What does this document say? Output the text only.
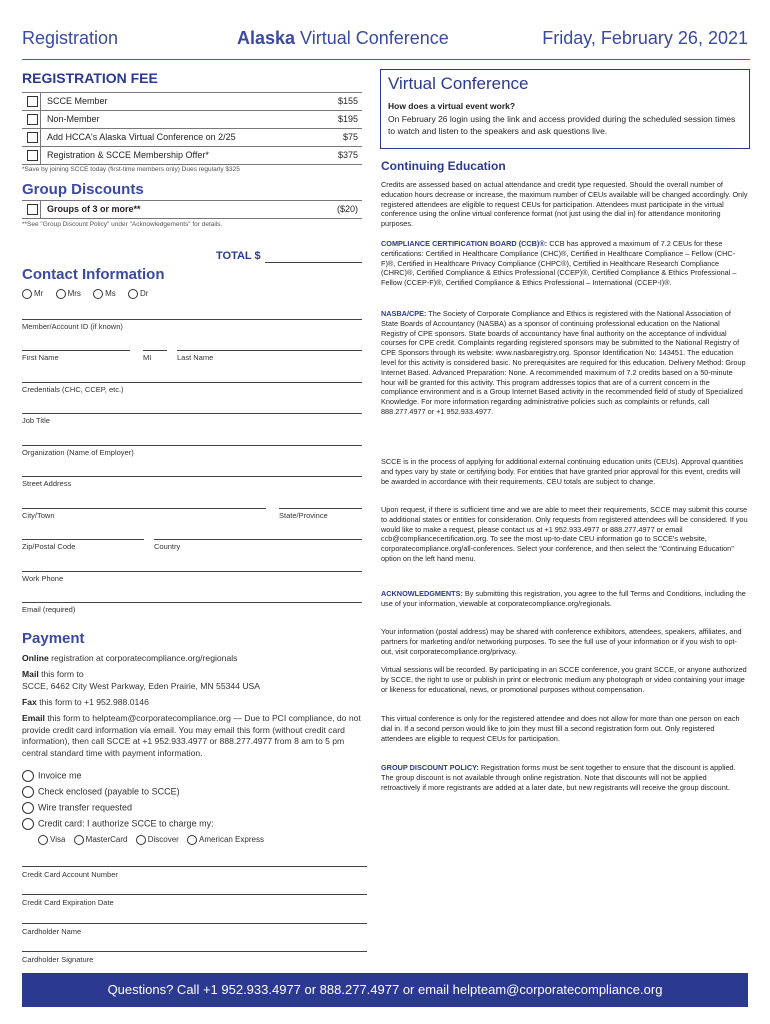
Registration	Alaska Virtual Conference	Friday, February 26, 2021
REGISTRATION FEE
SCCE Member	$155
Non-Member	$195
Add HCCA's Alaska Virtual Conference on 2/25	$75
Registration & SCCE Membership Offer*	$375
*Save by joining SCCE today (first-time members only) Dues regularly $325
Group Discounts
Groups of 3 or more**	($20)
**See "Group Discount Policy" under "Acknowledgements" for details.
TOTAL $
Contact Information
Mr	Mrs	Ms	Dr
Member/Account ID (if known)
First Name	MI	Last Name
Credentials (CHC, CCEP, etc.)
Job Title
Organization (Name of Employer)
Street Address
City/Town	State/Province
Zip/Postal Code	Country
Work Phone
Email (required)
Payment
Online registration at corporatecompliance.org/regionals
Mail this form to
SCCE, 6462 City West Parkway, Eden Prairie, MN 55344 USA
Fax this form to +1 952.988.0146
Email this form to helpteam@corporatecompliance.org — Due to PCI compliance, do not provide credit card information via email. You may email this form (without credit card information), then call SCCE at +1 952.933.4977 or 888.277.4977 from 8 am to 5 pm central standard time with payment information.
Invoice me
Check enclosed (payable to SCCE)
Wire transfer requested
Credit card: I authorize SCCE to charge my:
Visa	MasterCard	Discover	American Express
Credit Card Account Number
Credit Card Expiration Date
Cardholder Name
Cardholder Signature
Virtual Conference
How does a virtual event work?
On February 26 login using the link and access provided during the scheduled session times to watch and listen to the speakers and ask questions live.
Continuing Education
Credits are assessed based on actual attendance and credit type requested. Should the overall number of education hours decrease or increase, the maximum number of CEUs available will be changed accordingly. Only registered attendees are eligible to request CEUs for participation. Attendees must participate in the virtual conference using the online virtual conference format (not just using the dial in) for attendance monitoring purposes.
COMPLIANCE CERTIFICATION BOARD (CCB)®: CCB has approved a maximum of 7.2 CEUs for these certifications: Certified in Healthcare Compliance (CHC)®, Certified in Healthcare Compliance – Fellow (CHC-F)®, Certified in Healthcare Privacy Compliance (CHPC®), Certified in Healthcare Research Compliance (CHRC)®, Certified Compliance & Ethics Professional (CCEP)®, Certified Compliance & Ethics Professional – Fellow (CCEP-F)®, Certified Compliance & Ethics Professional – International (CCEP-I)®.
NASBA/CPE: The Society of Corporate Compliance and Ethics is registered with the National Association of State Boards of Accountancy (NASBA) as a sponsor of continuing professional education on the National Registry of CPE sponsors. State boards of accountancy have final authority on the acceptance of individual courses for CPE credit. Complaints regarding registered sponsors may be submitted to the National Registry of CPE Sponsors through its website: www.nasbaregistry.org. Sponsor Identification No: 143451. The education level for this activity is considered basic. No prerequisites are required for this education. Delivery Method: Group Internet Based. Advanced Preparation: None. A recommended maximum of 7.2 credits based on a 50-minute hour will be granted for this activity. This program addresses topics that are of a current concern in the compliance environment and is a Group Internet Based activity in the recommended field of study of Specialized Knowledge. For more information regarding administrative policies such as complaints or refunds, call 888.277.4977 or +1 952.933.4977.
SCCE is in the process of applying for additional external continuing education units (CEUs). Approval quantities and types vary by state or certifying body. For entities that have granted prior approval for this event, credits will be awarded in accordance with their requirements. CEU totals are subject to change.
Upon request, if there is sufficient time and we are able to meet their requirements, SCCE may submit this course to additional states or entities for consideration. Only requests from registered attendees will be considered. If you would like to make a request, please contact us at +1 952.933.4977 or 888.277.4977 or email ccb@compliancecertification.org. To see the most up-to-date CEU information go to SCCE's website, corporatecompliance.org/all-conferences. Select your conference, and then select the "Continuing Education" option on the left hand menu.
ACKNOWLEDGMENTS: By submitting this registration, you agree to the full Terms and Conditions, including the use of your information, viewable at corporatecompliance.org/regionals.
Your information (postal address) may be shared with conference exhibitors, attendees, speakers, affiliates, and partners for marketing and/or networking purposes. To see the full use of your information or if you wish to opt-out, visit corporatecompliance.org/privacy.
Virtual sessions will be recorded. By participating in an SCCE conference, you grant SCCE, or anyone authorized by SCCE, the right to use or publish in print or electronic medium any photograph or video containing your image or likeness for educational, news, or promotional purposes without compensation.
This virtual conference is only for the registered attendee and does not allow for more than one person on each dial in. If a second person would like to join they must fill a second registration form out. Only registered attendees are eligible to request CEUs for participation.
GROUP DISCOUNT POLICY: Registration forms must be sent together to ensure that the discount is applied. The group discount is not available through online registration. Note that discounts will not be applied retroactively if more registrants are added at a later date, but new registrants will receive the group discount.
Questions? Call +1 952.933.4977 or 888.277.4977 or email helpteam@corporatecompliance.org
